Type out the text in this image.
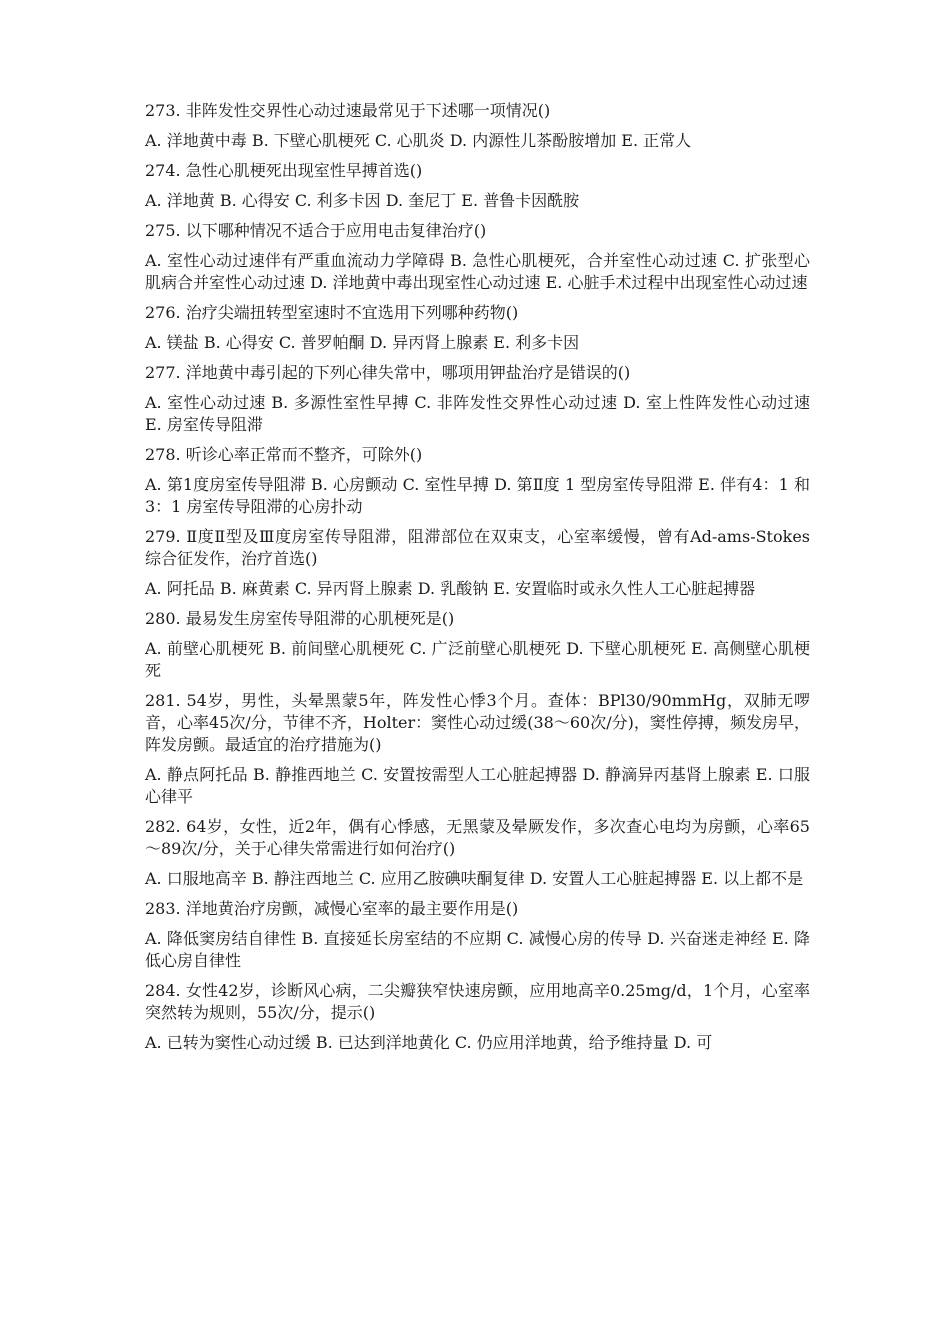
273. 非阵发性交界性心动过速最常见于下述哪一项情况()

A. 洋地黄中毒 B. 下壁心肌梗死 C. 心肌炎 D. 内源性儿茶酚胺增加 E. 正常人

274. 急性心肌梗死出现室性早搏首选()

A. 洋地黄 B. 心得安 C. 利多卡因 D. 奎尼丁 E. 普鲁卡因酰胺

275. 以下哪种情况不适合于应用电击复律治疗()

A. 室性心动过速伴有严重血流动力学障碍 B. 急性心肌梗死，合并室性心动过速 C. 扩张型心肌病合并室性心动过速 D. 洋地黄中毒出现室性心动过速 E. 心脏手术过程中出现室性心动过速

276. 治疗尖端扭转型室速时不宜选用下列哪种药物()

A. 镁盐 B. 心得安 C. 普罗帕酮 D. 异丙肾上腺素 E. 利多卡因

277. 洋地黄中毒引起的下列心律失常中，哪项用钾盐治疗是错误的()

A. 室性心动过速 B. 多源性室性早搏 C. 非阵发性交界性心动过速 D. 室上性阵发性心动过速 E. 房室传导阻滞

278. 听诊心率正常而不整齐，可除外()

A. 第1度房室传导阻滞 B. 心房颤动 C. 室性早搏 D. 第Ⅱ度 1 型房室传导阻滞 E. 伴有4：1 和3：1 房室传导阻滞的心房扑动

279. Ⅱ度Ⅱ型及Ⅲ度房室传导阻滞，阻滞部位在双束支，心室率缓慢，曾有Ad-ams-Stokes 综合征发作，治疗首选()

A. 阿托品 B. 麻黄素 C. 异丙肾上腺素 D. 乳酸钠 E. 安置临时或永久性人工心脏起搏器

280. 最易发生房室传导阻滞的心肌梗死是()

A. 前壁心肌梗死 B. 前间壁心肌梗死 C. 广泛前壁心肌梗死 D. 下壁心肌梗死 E. 高侧壁心肌梗死

281. 54岁，男性，头晕黑蒙5年，阵发性心悸3个月。查体：BPl30/90mmHg，双肺无啰音，心率45次/分，节律不齐，Holter：窦性心动过缓(38～60次/分)，窦性停搏，频发房早，阵发房颤。最适宜的治疗措施为()

A. 静点阿托品 B. 静推西地兰 C. 安置按需型人工心脏起搏器 D. 静滴异丙基肾上腺素 E. 口服心律平

282. 64岁，女性，近2年，偶有心悸感，无黑蒙及晕厥发作，多次查心电均为房颤，心率65～89次/分，关于心律失常需进行如何治疗()

A. 口服地高辛 B. 静注西地兰 C. 应用乙胺碘呋酮复律 D. 安置人工心脏起搏器 E. 以上都不是

283. 洋地黄治疗房颤，减慢心室率的最主要作用是()

A. 降低窦房结自律性 B. 直接延长房室结的不应期 C. 减慢心房的传导 D. 兴奋迷走神经 E. 降低心房自律性

284. 女性42岁，诊断风心病，二尖瓣狭窄快速房颤，应用地高辛0.25mg/d，1个月，心室率突然转为规则，55次/分，提示()

A. 已转为窦性心动过缓 B. 已达到洋地黄化 C. 仍应用洋地黄，给予维持量 D. 可
